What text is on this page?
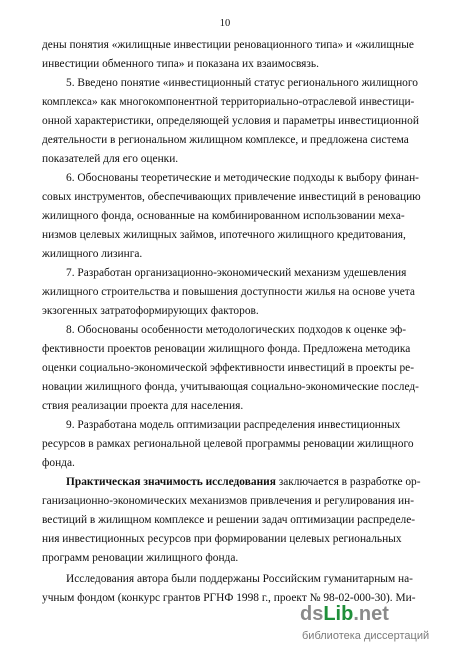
10
дены понятия «жилищные инвестиции реновационного типа» и «жилищные
инвестиции обменного типа» и показана их взаимосвязь.
5. Введено понятие «инвестиционный статус регионального жилищного
комплекса» как многокомпонентной территориально-отраслевой инвестици-
онной характеристики, определяющей условия и параметры инвестиционной
деятельности в региональном жилищном комплексе, и предложена система
показателей для его оценки.
6. Обоснованы теоретические и методические подходы к выбору финан-
совых инструментов, обеспечивающих привлечение инвестиций в реновацию
жилищного фонда, основанные на комбинированном использовании меха-
низмов целевых жилищных займов, ипотечного жилищного кредитования,
жилищного лизинга.
7. Разработан организационно-экономический механизм удешевления
жилищного строительства и повышения доступности жилья на основе учета
экзогенных затратоформирующих факторов.
8. Обоснованы особенности методологических подходов к оценке эф-
фективности проектов реновации жилищного фонда. Предложена методика
оценки социально-экономической эффективности инвестиций в проекты ре-
новации жилищного фонда, учитывающая социально-экономические послед-
ствия реализации проекта для населения.
9. Разработана модель оптимизации распределения инвестиционных
ресурсов в рамках региональной целевой программы реновации жилищного
фонда.
Практическая значимость исследования заключается в разработке ор-
ганизационно-экономических механизмов привлечения и регулирования ин-
вестиций в жилищном комплексе и решении задач оптимизации распределе-
ния инвестиционных ресурсов при формировании целевых региональных
программ реновации жилищного фонда.
Исследования автора были поддержаны Российским гуманитарным на-
учным фондом (конкурс грантов РГНФ 1998 г., проект № 98-02-000-30). Ми-
dsLib.net
библиотека диссертаций
